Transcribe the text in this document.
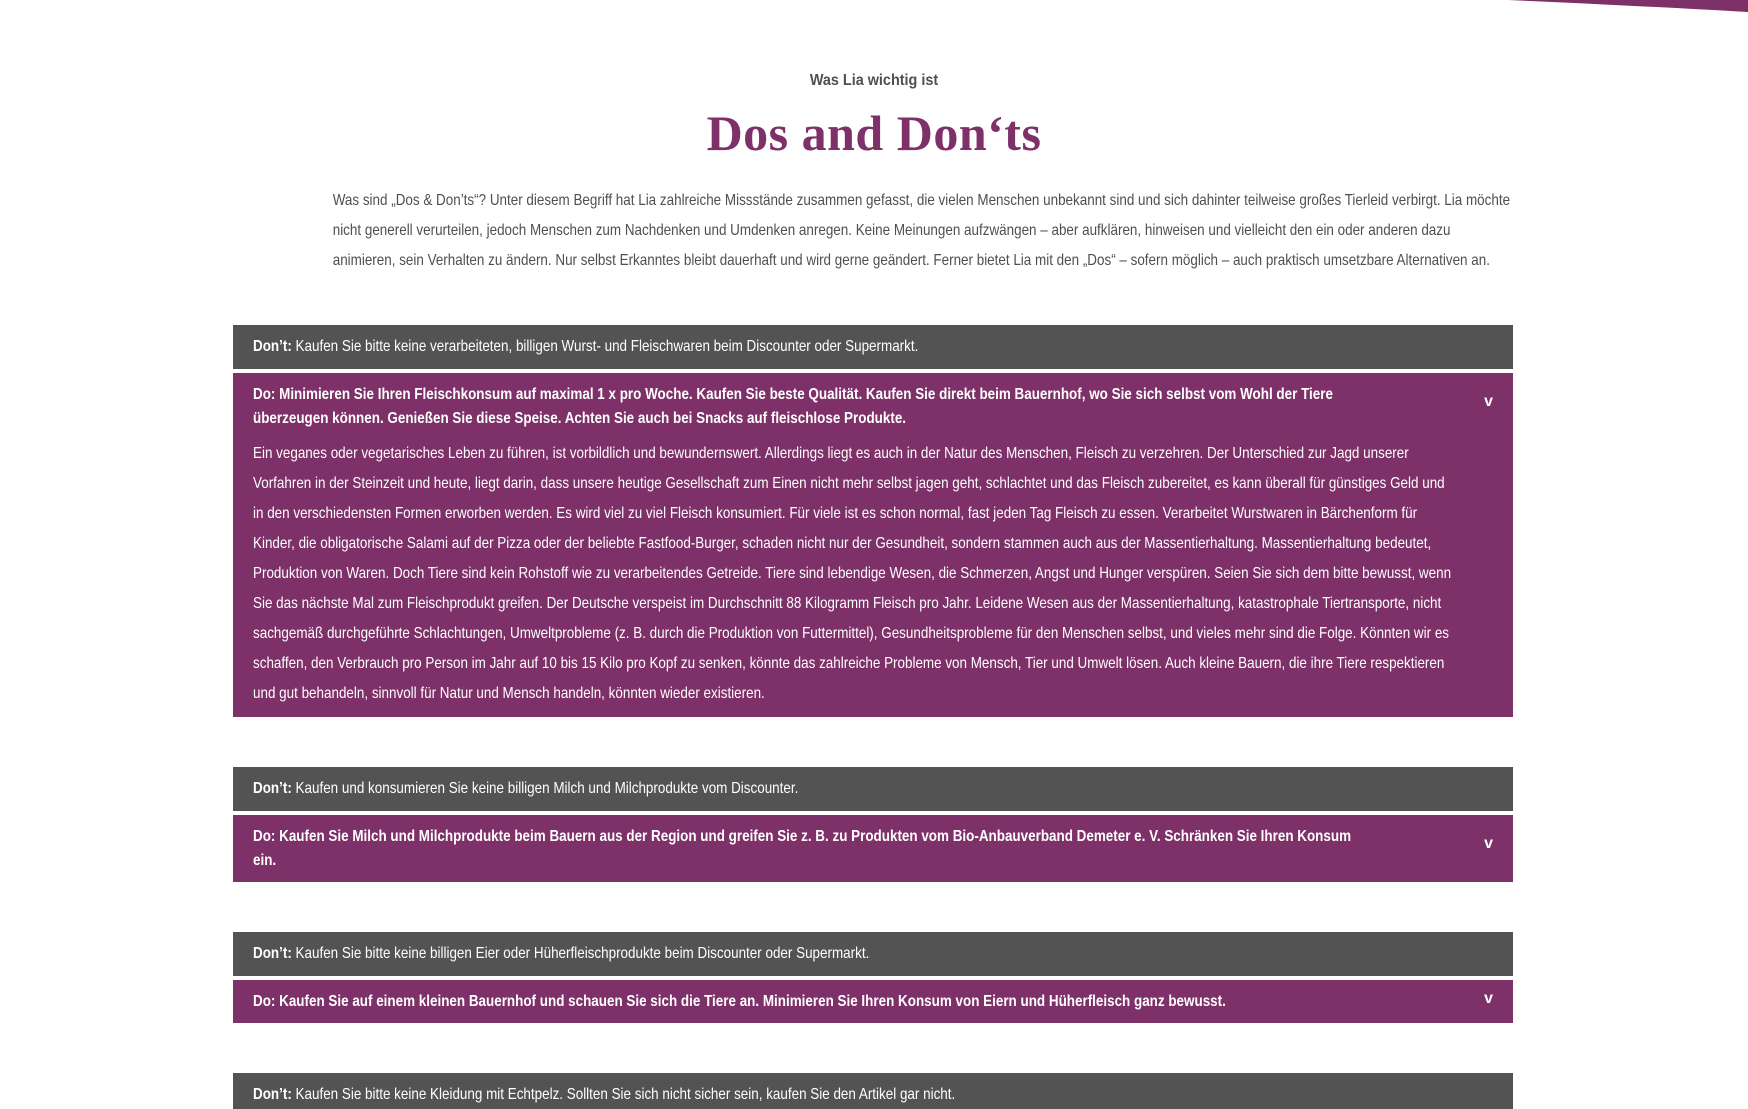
Was Lia wichtig ist
Dos and Don‘ts
Was sind „Dos & Don’ts“? Unter diesem Begriff hat Lia zahlreiche Missstände zusammen gefasst, die vielen Menschen unbekannt sind und sich dahinter teilweise großes Tierleid verbirgt. Lia möchte
nicht generell verurteilen, jedoch Menschen zum Nachdenken und Umdenken anregen. Keine Meinungen aufzwängen – aber aufklären, hinweisen und vielleicht den ein oder anderen dazu
animieren, sein Verhalten zu ändern. Nur selbst Erkanntes bleibt dauerhaft und wird gerne geändert. Ferner bietet Lia mit den „Dos“ – sofern möglich – auch praktisch umsetzbare Alternativen an.
Don’t: Kaufen Sie bitte keine verarbeiteten, billigen Wurst- und Fleischwaren beim Discounter oder Supermarkt.
Do: Minimieren Sie Ihren Fleischkonsum auf maximal 1 x pro Woche. Kaufen Sie beste Qualität. Kaufen Sie direkt beim Bauernhof, wo Sie sich selbst vom Wohl der Tiere
überzeugen können. Genießen Sie diese Speise. Achten Sie auch bei Snacks auf fleischlose Produkte.
v
Ein veganes oder vegetarisches Leben zu führen, ist vorbildlich und bewundernswert. Allerdings liegt es auch in der Natur des Menschen, Fleisch zu verzehren. Der Unterschied zur Jagd unserer
Vorfahren in der Steinzeit und heute, liegt darin, dass unsere heutige Gesellschaft zum Einen nicht mehr selbst jagen geht, schlachtet und das Fleisch zubereitet, es kann überall für günstiges Geld und
in den verschiedensten Formen erworben werden. Es wird viel zu viel Fleisch konsumiert. Für viele ist es schon normal, fast jeden Tag Fleisch zu essen. Verarbeitet Wurstwaren in Bärchenform für
Kinder, die obligatorische Salami auf der Pizza oder der beliebte Fastfood-Burger, schaden nicht nur der Gesundheit, sondern stammen auch aus der Massentierhaltung. Massentierhaltung bedeutet,
Produktion von Waren. Doch Tiere sind kein Rohstoff wie zu verarbeitendes Getreide. Tiere sind lebendige Wesen, die Schmerzen, Angst und Hunger verspüren. Seien Sie sich dem bitte bewusst, wenn
Sie das nächste Mal zum Fleischprodukt greifen. Der Deutsche verspeist im Durchschnitt 88 Kilogramm Fleisch pro Jahr. Leidene Wesen aus der Massentierhaltung, katastrophale Tiertransporte, nicht
sachgemäß durchgeführte Schlachtungen, Umweltprobleme (z. B. durch die Produktion von Futtermittel), Gesundheitsprobleme für den Menschen selbst, und vieles mehr sind die Folge. Könnten wir es
schaffen, den Verbrauch pro Person im Jahr auf 10 bis 15 Kilo pro Kopf zu senken, könnte das zahlreiche Probleme von Mensch, Tier und Umwelt lösen. Auch kleine Bauern, die ihre Tiere respektieren
und gut behandeln, sinnvoll für Natur und Mensch handeln, könnten wieder existieren.
Don’t: Kaufen und konsumieren Sie keine billigen Milch und Milchprodukte vom Discounter.
Do: Kaufen Sie Milch und Milchprodukte beim Bauern aus der Region und greifen Sie z. B. zu Produkten vom Bio-Anbauverband Demeter e. V. Schränken Sie Ihren Konsum
ein.
v
Don’t: Kaufen Sie bitte keine billigen Eier oder Hüherfleischprodukte beim Discounter oder Supermarkt.
Do: Kaufen Sie auf einem kleinen Bauernhof und schauen Sie sich die Tiere an. Minimieren Sie Ihren Konsum von Eiern und Hüherfleisch ganz bewusst.	v
Don’t: Kaufen Sie bitte keine Kleidung mit Echtpelz. Sollten Sie sich nicht sicher sein, kaufen Sie den Artikel gar nicht.
